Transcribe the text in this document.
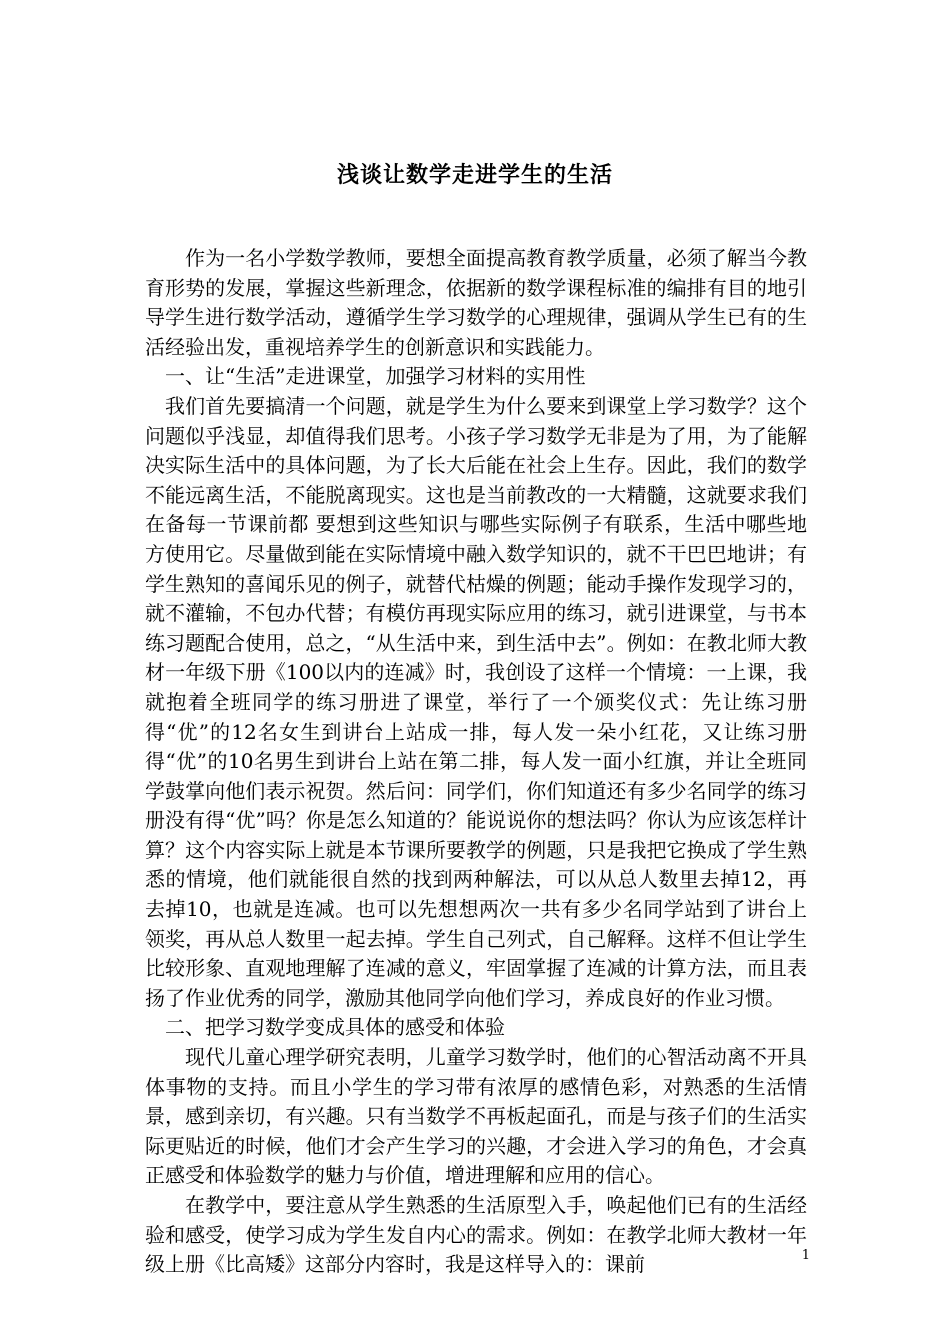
浅谈让数学走进学生的生活

作为一名小学数学教师，要想全面提高教育教学质量，必须了解当今教育形势的发展，掌握这些新理念，依据新的数学课程标准的编排有目的地引导学生进行数学活动，遵循学生学习数学的心理规律，强调从学生已有的生活经验出发，重视培养学生的创新意识和实践能力。

一、让“生活”走进课堂，加强学习材料的实用性

我们首先要搞清一个问题，就是学生为什么要来到课堂上学习数学？这个问题似乎浅显，却值得我们思考。小孩子学习数学无非是为了用，为了能解决实际生活中的具体问题，为了长大后能在社会上生存。因此，我们的数学不能远离生活，不能脱离现实。这也是当前教改的一大精髓，这就要求我们在备每一节课前都 要想到这些知识与哪些实际例子有联系，生活中哪些地方使用它。尽量做到能在实际情境中融入数学知识的，就不干巴巴地讲；有学生熟知的喜闻乐见的例子，就替代枯燥的例题；能动手操作发现学习的，就不灌输，不包办代替；有模仿再现实际应用的练习，就引进课堂，与书本练习题配合使用，总之，“从生活中来，到生活中去”。例如：在教北师大教材一年级下册《100以内的连减》时，我创设了这样一个情境：一上课，我就抱着全班同学的练习册进了课堂，举行了一个颁奖仪式：先让练习册得“优”的12名女生到讲台上站成一排，每人发一朵小红花，又让练习册得“优”的10名男生到讲台上站在第二排，每人发一面小红旗，并让全班同学鼓掌向他们表示祝贺。然后问：同学们，你们知道还有多少名同学的练习册没有得“优”吗？你是怎么知道的？能说说你的想法吗？你认为应该怎样计算？这个内容实际上就是本节课所要教学的例题，只是我把它换成了学生熟悉的情境，他们就能很自然的找到两种解法，可以从总人数里去掉12，再去掉10，也就是连减。也可以先想想两次一共有多少名同学站到了讲台上领奖，再从总人数里一起去掉。学生自己列式，自己解释。这样不但让学生比较形象、直观地理解了连减的意义，牢固掌握了连减的计算方法，而且表扬了作业优秀的同学，激励其他同学向他们学习，养成良好的作业习惯。

二、把学习数学变成具体的感受和体验

现代儿童心理学研究表明，儿童学习数学时，他们的心智活动离不开具体事物的支持。而且小学生的学习带有浓厚的感情色彩，对熟悉的生活情景，感到亲切，有兴趣。只有当数学不再板起面孔，而是与孩子们的生活实际更贴近的时候，他们才会产生学习的兴趣，才会进入学习的角色，才会真正感受和体验数学的魅力与价值，增进理解和应用的信心。

在教学中，要注意从学生熟悉的生活原型入手，唤起他们已有的生活经验和感受，使学习成为学生发自内心的需求。例如：在教学北师大教材一年级上册《比高矮》这部分内容时，我是这样导入的：课前	1
